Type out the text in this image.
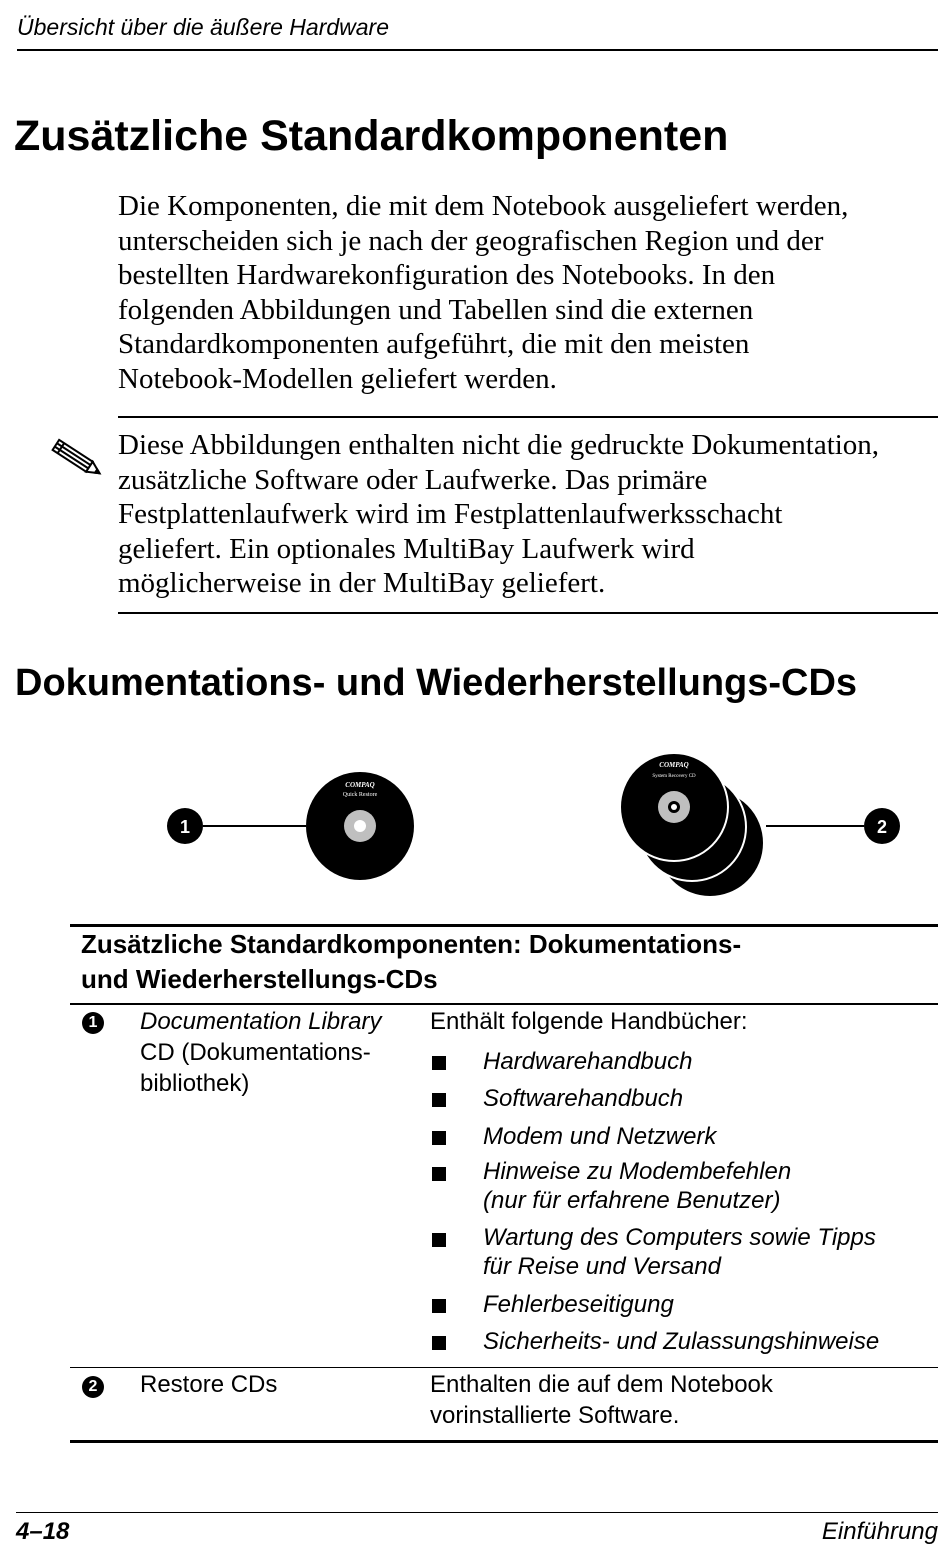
Übersicht über die äußere Hardware
Zusätzliche Standardkomponenten
Die Komponenten, die mit dem Notebook ausgeliefert werden,
unterscheiden sich je nach der geografischen Region und der
bestellten Hardwarekonfiguration des Notebooks. In den
folgenden Abbildungen und Tabellen sind die externen
Standardkomponenten aufgeführt, die mit den meisten
Notebook-Modellen geliefert werden.
Diese Abbildungen enthalten nicht die gedruckte Dokumentation,
zusätzliche Software oder Laufwerke. Das primäre
Festplattenlaufwerk wird im Festplattenlaufwerksschacht
geliefert. Ein optionales MultiBay Laufwerk wird
möglicherweise in der MultiBay geliefert.
Dokumentations- und Wiederherstellungs-CDs
1
COMPAQ
Quick Restore
COMPAQ
System Recovery CD
2
Zusätzliche Standardkomponenten: Dokumentations-
und Wiederherstellungs-CDs
1 Documentation Library
CD (Dokumentations-
bibliothek)
Enthält folgende Handbücher:
Hardwarehandbuch
Softwarehandbuch
Modem und Netzwerk
Hinweise zu Modembefehlen
(nur für erfahrene Benutzer)
Wartung des Computers sowie Tipps
für Reise und Versand
Fehlerbeseitigung
Sicherheits- und Zulassungshinweise
2 Restore CDs	Enthalten die auf dem Notebook
vorinstallierte Software.
4–18	Einführung
